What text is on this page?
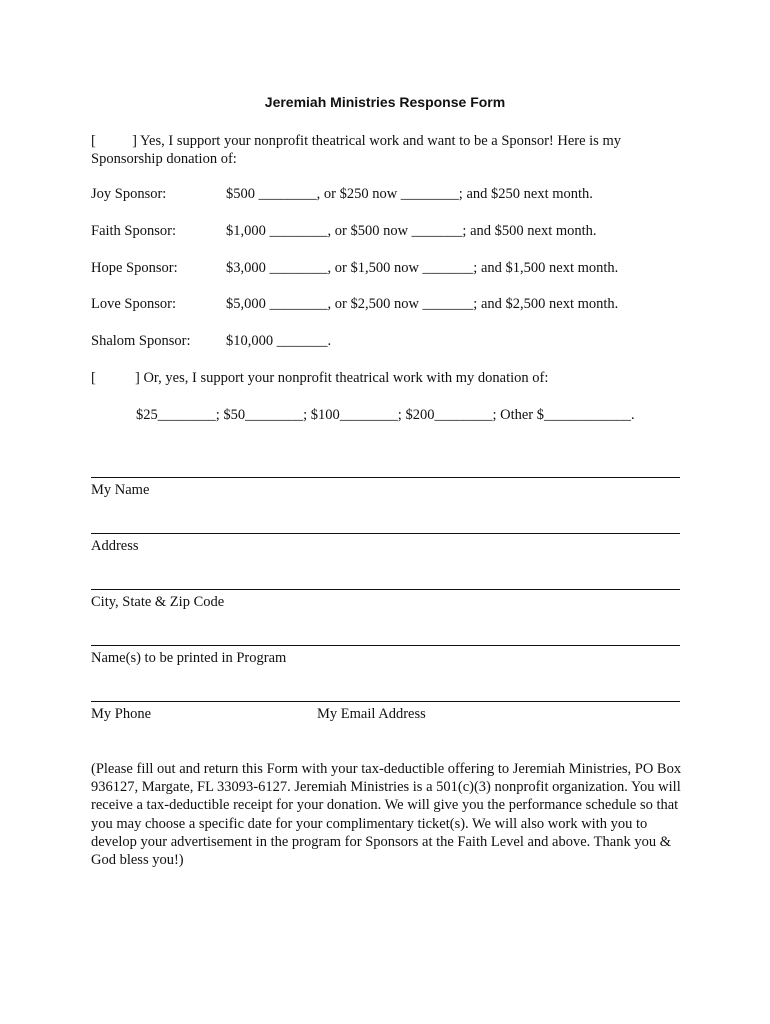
Jeremiah Ministries Response Form
[          ] Yes, I support your nonprofit theatrical work and want to be a Sponsor! Here is my Sponsorship donation of:
Joy Sponsor:	$500 ________, or $250 now ________; and $250 next month.
Faith Sponsor:	$1,000 ________, or $500 now _______; and $500 next month.
Hope Sponsor:	$3,000 ________, or $1,500 now _______; and $1,500 next month.
Love Sponsor:	$5,000 ________, or $2,500 now _______; and $2,500 next month.
Shalom Sponsor: $10,000 _______.
[	] Or, yes, I support your nonprofit theatrical work with my donation of:
$25________; $50________; $100________; $200________; Other $____________.
My Name
Address
City, State & Zip Code
Name(s) to be printed in Program
My Phone	My Email Address
(Please fill out and return this Form with your tax-deductible offering to Jeremiah Ministries, PO Box 936127, Margate, FL 33093-6127. Jeremiah Ministries is a 501(c)(3) nonprofit organization. You will receive a tax-deductible receipt for your donation. We will give you the performance schedule so that you may choose a specific date for your complimentary ticket(s). We will also work with you to develop your advertisement in the program for Sponsors at the Faith Level and above. Thank you & God bless you!)
